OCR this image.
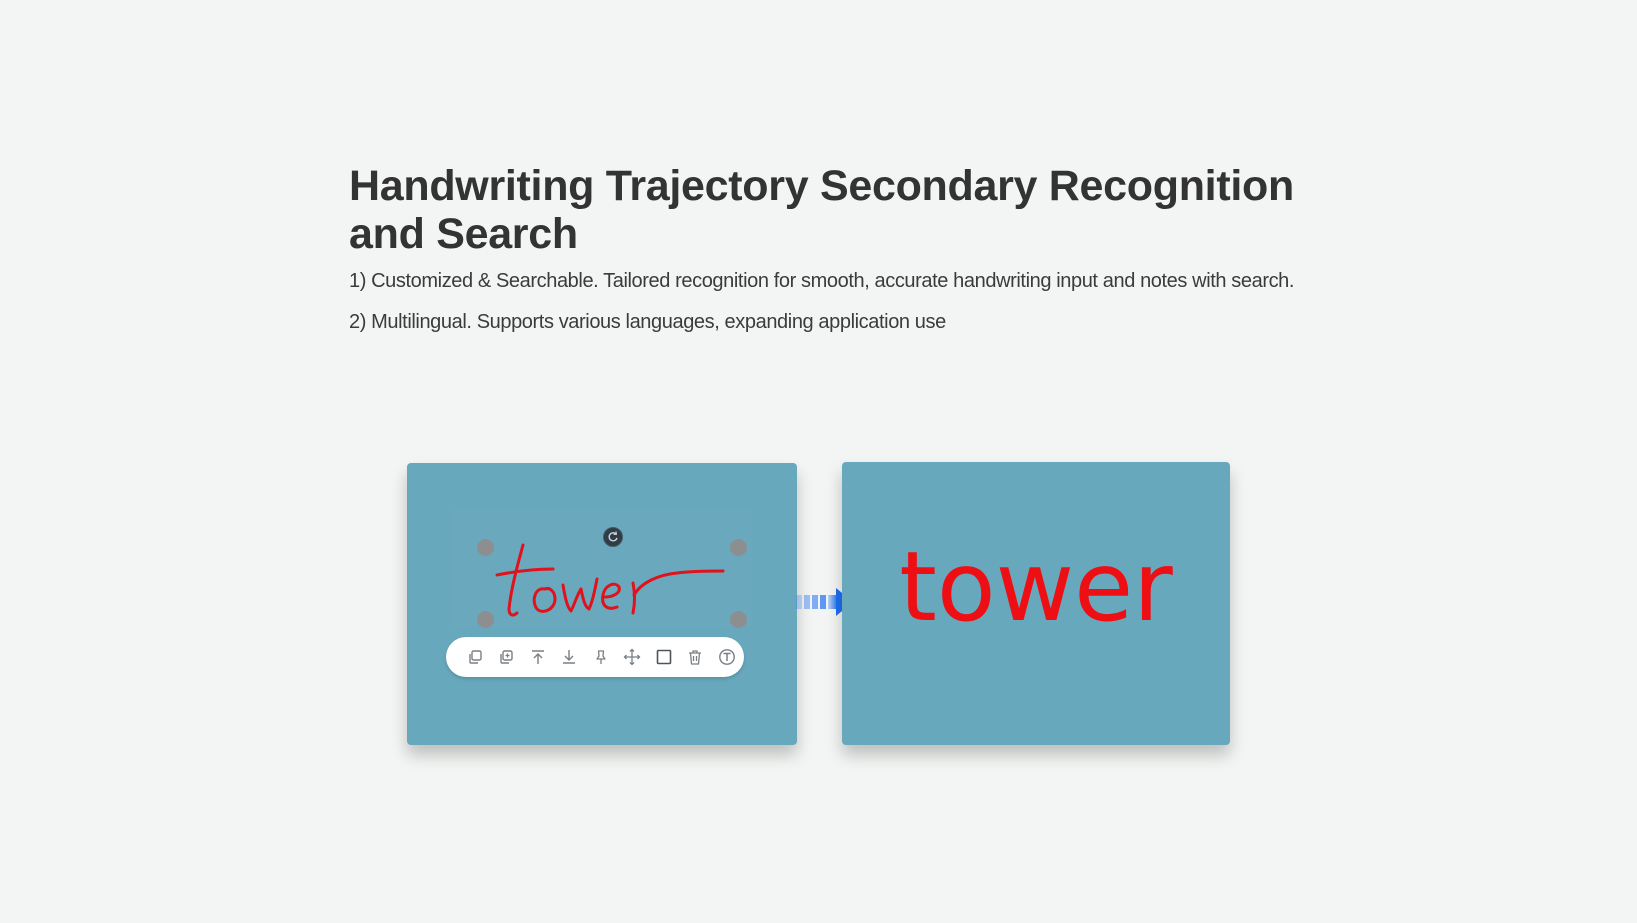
Handwriting Trajectory Secondary Recognition and Search

1) Customized & Searchable. Tailored recognition for smooth, accurate handwriting input and notes with search.

2) Multilingual. Supports various languages, expanding application use

tower
